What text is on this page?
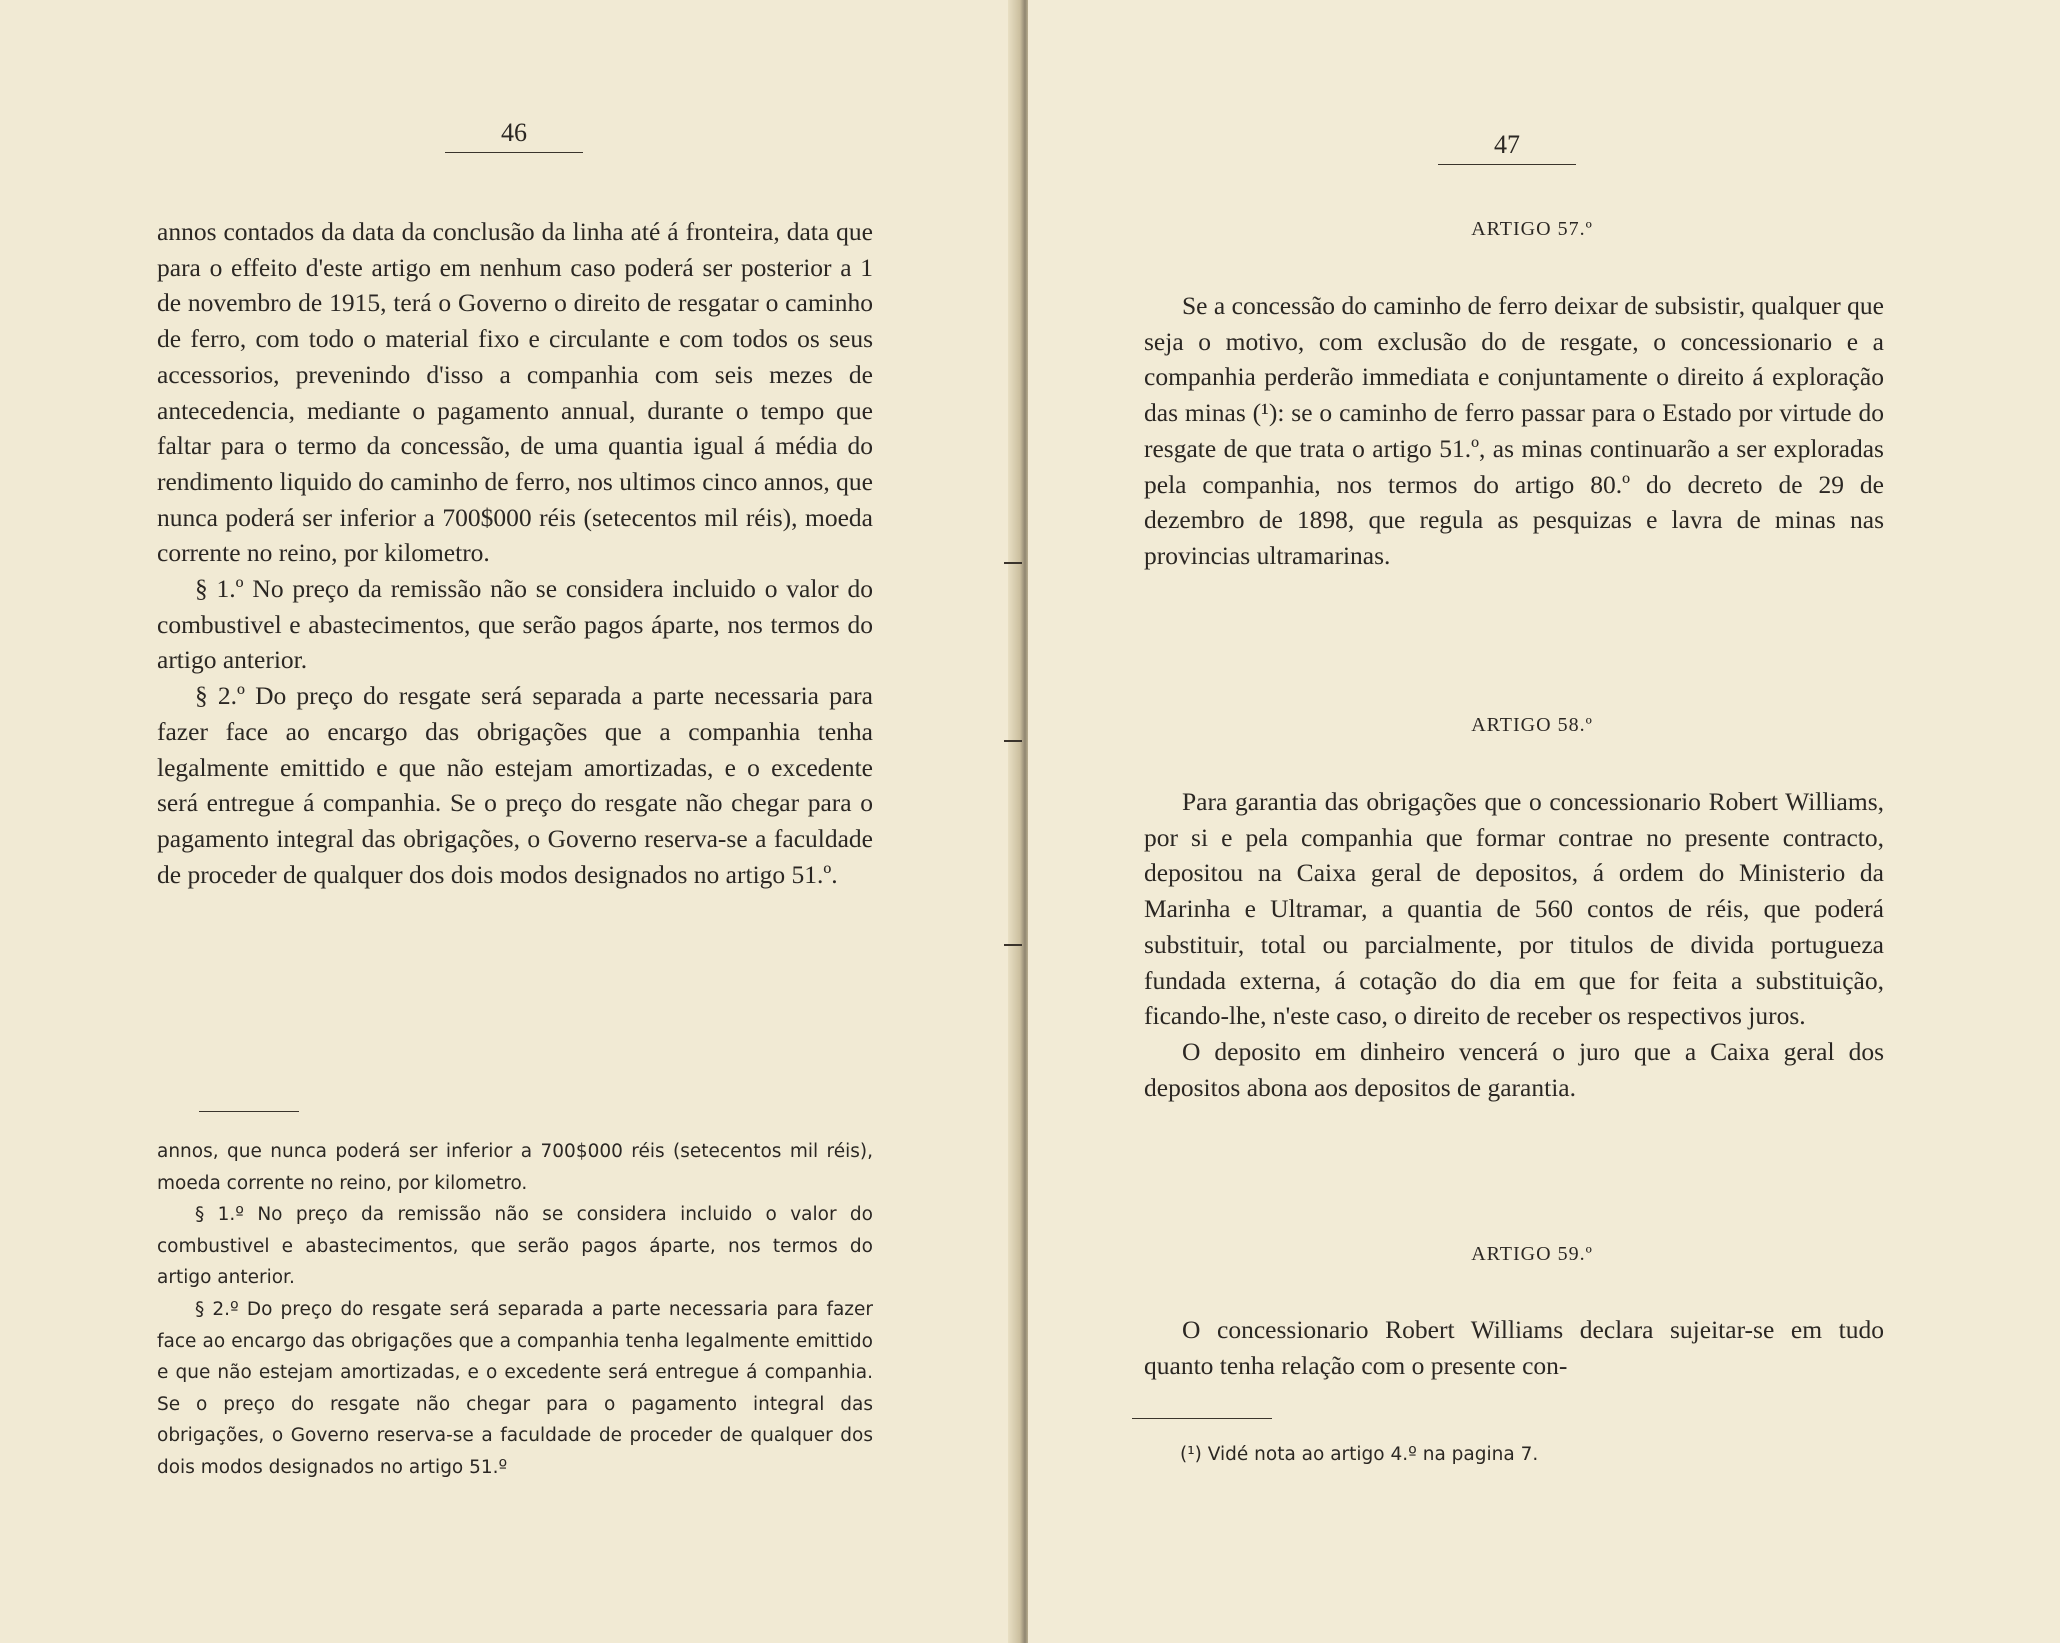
46

annos contados da data da conclusão da linha até á fronteira, data que para o effeito d'este artigo em nenhum caso poderá ser posterior a 1 de novembro de 1915, terá o Governo o direito de resgatar o caminho de ferro, com todo o material fixo e circulante e com todos os seus accessorios, prevenindo d'isso a companhia com seis mezes de antecedencia, mediante o pagamento annual, durante o tempo que faltar para o termo da concessão, de uma quantia igual á média do rendimento liquido do caminho de ferro, nos ultimos cinco annos, que nunca poderá ser inferior a 700$000 réis (setecentos mil réis), moeda corrente no reino, por kilometro.

§ 1.º No preço da remissão não se considera incluido o valor do combustivel e abastecimentos, que serão pagos áparte, nos termos do artigo anterior.

§ 2.º Do preço do resgate será separada a parte necessaria para fazer face ao encargo das obrigações que a companhia tenha legalmente emittido e que não estejam amortizadas, e o excedente será entregue á companhia. Se o preço do resgate não chegar para o pagamento integral das obrigações, o Governo reserva-se a faculdade de proceder de qualquer dos dois modos designados no artigo 51.º.

annos, que nunca poderá ser inferior a 700$000 réis (setecentos mil réis), moeda corrente no reino, por kilometro.

§ 1.º No preço da remissão não se considera incluido o valor do combustivel e abastecimentos, que serão pagos áparte, nos termos do artigo anterior.

§ 2.º Do preço do resgate será separada a parte necessaria para fazer face ao encargo das obrigações que a companhia tenha legalmente emittido e que não estejam amortizadas, e o excedente será entregue á companhia. Se o preço do resgate não chegar para o pagamento integral das obrigações, o Governo reserva-se a faculdade de proceder de qualquer dos dois modos designados no artigo 51.º

47
ARTIGO 57.º

Se a concessão do caminho de ferro deixar de subsistir, qualquer que seja o motivo, com exclusão do de resgate, o concessionario e a companhia perderão immediata e conjuntamente o direito á exploração das minas (¹): se o caminho de ferro passar para o Estado por virtude do resgate de que trata o artigo 51.º, as minas continuarão a ser exploradas pela companhia, nos termos do artigo 80.º do decreto de 29 de dezembro de 1898, que regula as pesquizas e lavra de minas nas provincias ultramarinas.

ARTIGO 58.º

Para garantia das obrigações que o concessionario Robert Williams, por si e pela companhia que formar contrae no presente contracto, depositou na Caixa geral de depositos, á ordem do Ministerio da Marinha e Ultramar, a quantia de 560 contos de réis, que poderá substituir, total ou parcialmente, por titulos de divida portugueza fundada externa, á cotação do dia em que for feita a substituição, ficando-lhe, n'este caso, o direito de receber os respectivos juros.

O deposito em dinheiro vencerá o juro que a Caixa geral dos depositos abona aos depositos de garantia.

ARTIGO 59.º

O concessionario Robert Williams declara sujeitar-se em tudo quanto tenha relação com o presente con-

(¹) Vidé nota ao artigo 4.º na pagina 7.
